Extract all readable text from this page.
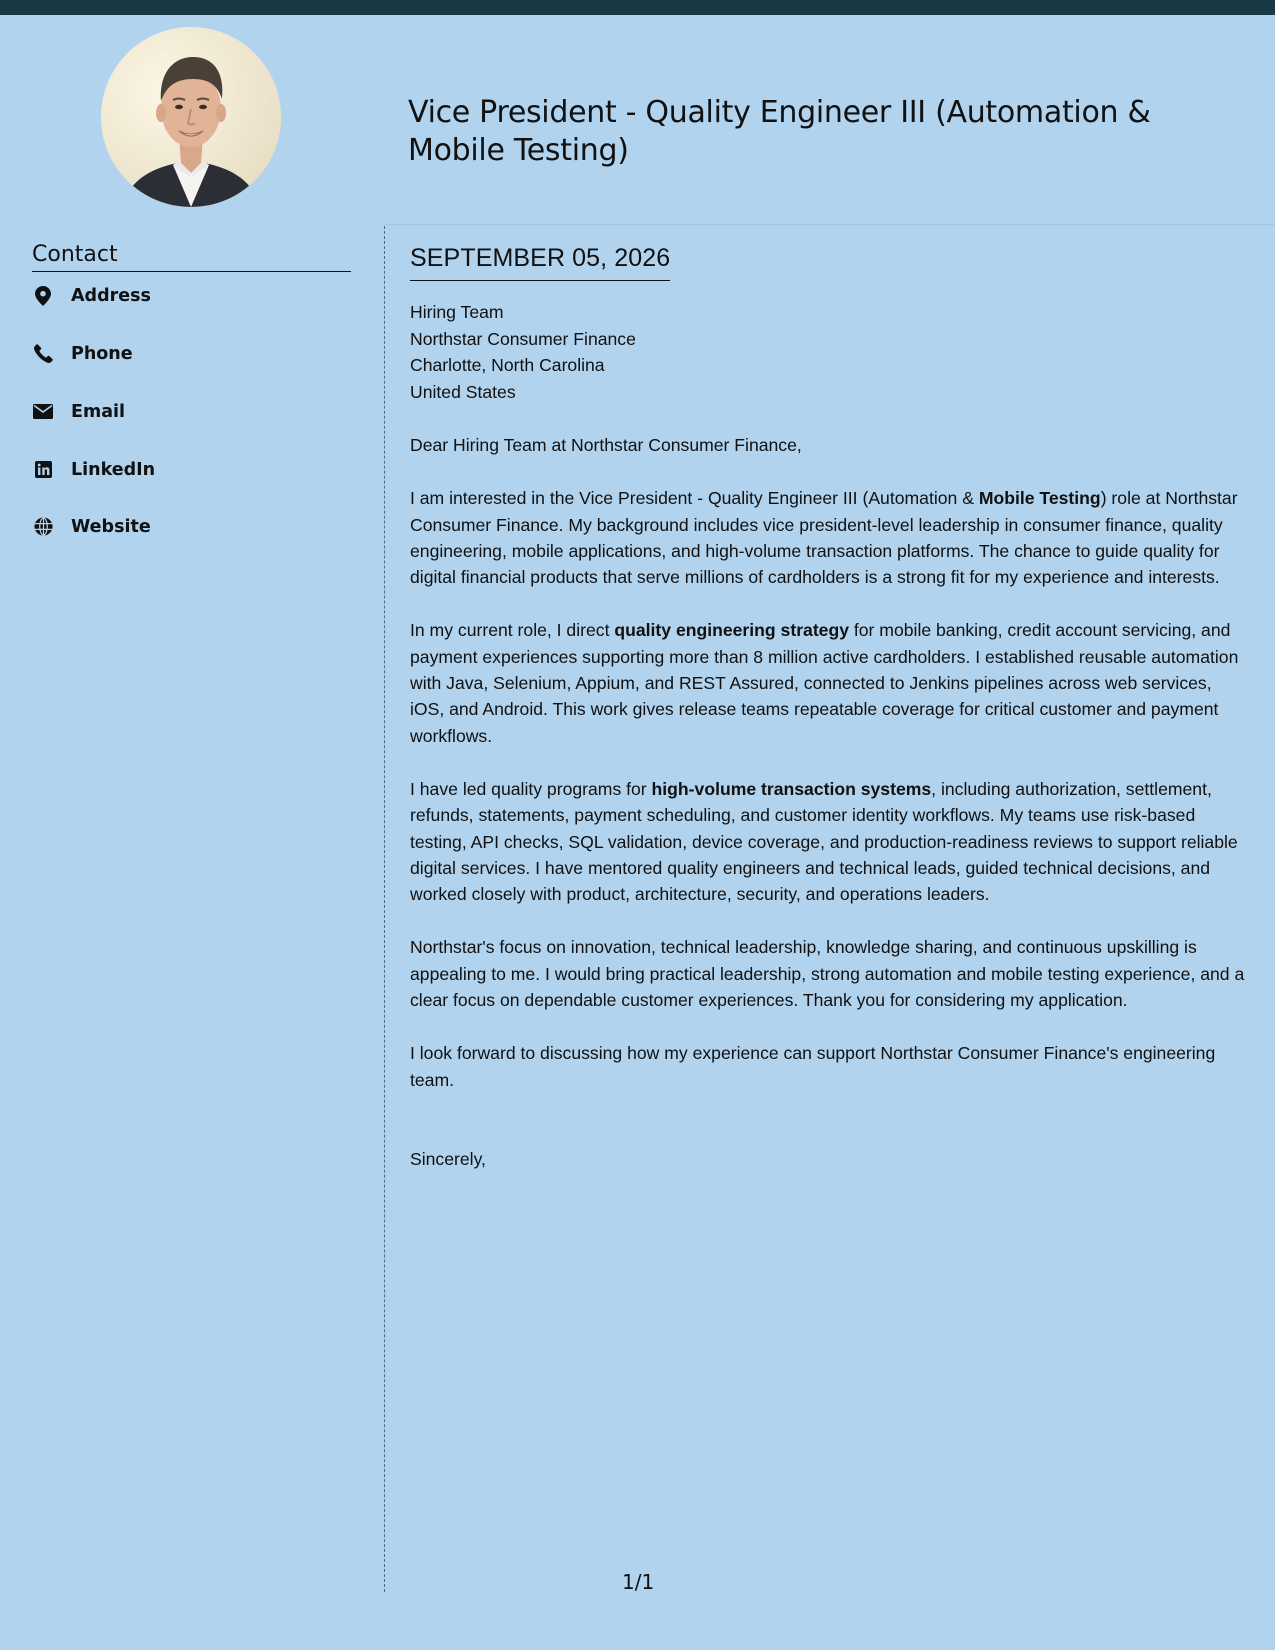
Vice President - Quality Engineer III (Automation & Mobile Testing)
Contact
Address
Phone
Email
LinkedIn
Website
SEPTEMBER 05, 2026
Hiring Team
Northstar Consumer Finance
Charlotte, North Carolina
United States
Dear Hiring Team at Northstar Consumer Finance,

I am interested in the Vice President - Quality Engineer III (Automation & Mobile Testing) role at Northstar Consumer Finance. My background includes vice president-level leadership in consumer finance, quality engineering, mobile applications, and high-volume transaction platforms. The chance to guide quality for digital financial products that serve millions of cardholders is a strong fit for my experience and interests.

In my current role, I direct quality engineering strategy for mobile banking, credit account servicing, and payment experiences supporting more than 8 million active cardholders. I established reusable automation with Java, Selenium, Appium, and REST Assured, connected to Jenkins pipelines across web services, iOS, and Android. This work gives release teams repeatable coverage for critical customer and payment workflows.

I have led quality programs for high-volume transaction systems, including authorization, settlement, refunds, statements, payment scheduling, and customer identity workflows. My teams use risk-based testing, API checks, SQL validation, device coverage, and production-readiness reviews to support reliable digital services. I have mentored quality engineers and technical leads, guided technical decisions, and worked closely with product, architecture, security, and operations leaders.

Northstar's focus on innovation, technical leadership, knowledge sharing, and continuous upskilling is appealing to me. I would bring practical leadership, strong automation and mobile testing experience, and a clear focus on dependable customer experiences. Thank you for considering my application.

I look forward to discussing how my experience can support Northstar Consumer Finance's engineering team.

Sincerely,
1/1
